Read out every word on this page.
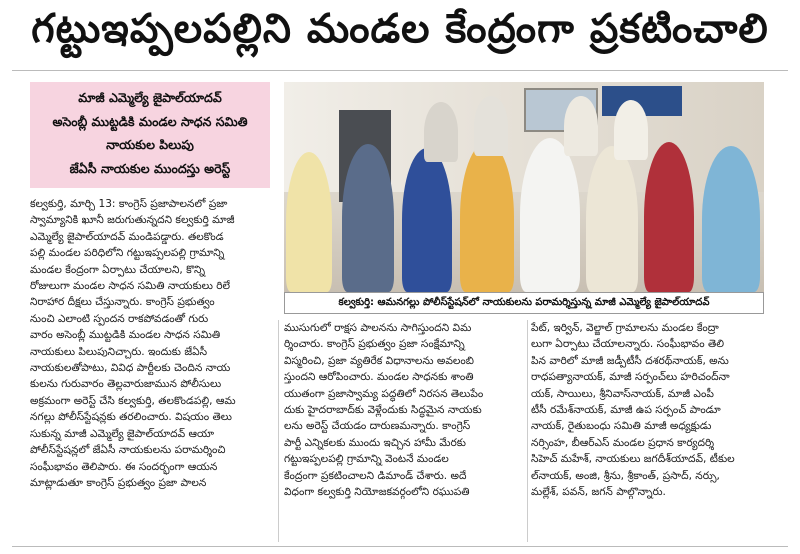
గట్టుఇప్పలపల్లిని మండల కేంద్రంగా ప్రకటించాలి
మాజీ ఎమ్మెల్యే జైపాల్‌యాదవ్
అసెంబ్లీ ముట్టడికి మండల సాధన సమితి
నాయకుల పిలుపు
జేఏసీ నాయకుల ముందస్తు అరెస్ట్
కల్వకుర్తి: ఆమనగల్లు పోలీస్‌స్టేషన్‌లో నాయకులను పరామర్శిస్తున్న మాజీ ఎమ్మెల్యే జైపాల్‌యాదవ్
కల్వకుర్తి, మార్చి 13: కాంగ్రెస్ ప్రజాపాలనలో ప్రజా
స్వామ్యానికి ఖూనీ జరుగుతున్నదని కల్వకుర్తి మాజీ
ఎమ్మెల్యే జైపాల్‌యాదవ్ మండిపడ్డారు. తలకొండ
పల్లి మండల పరిధిలోని గట్టుఇప్పలపల్లి గ్రామాన్ని
మండల కేంద్రంగా ఏర్పాటు చేయాలని, కొన్ని
రోజులుగా మండల సాధన సమితి నాయకులు రిలే
నిరాహార దీక్షలు చేస్తున్నారు. కాంగ్రెస్ ప్రభుత్వం
నుంచి ఎలాంటి స్పందన రాకపోవడంతో గురు
వారం అసెంబ్లీ ముట్టడికి మండల సాధన సమితి
నాయకులు పిలుపునిచ్చారు. ఇందుకు జేఏసీ
నాయకులతోపాటు, వివిధ పార్టీలకు చెందిన నాయ
కులను గురువారం తెల్లవారుజామున పోలీసులు
అక్రమంగా అరెస్ట్ చేసి కల్వకుర్తి, తలకొండపల్లి, ఆమ
నగల్లు పోలీస్‌స్టేషన్లకు తరలించారు. విషయం తెలు
సుకున్న మాజీ ఎమ్మెల్యే జైపాల్‌యాదవ్ ఆయా
పోలీస్‌స్టేషన్లలో జేఏసీ నాయకులను పరామర్శించి
సంఘీభావం తెలిపారు. ఈ సందర్భంగా ఆయన
మాట్లాడుతూ కాంగ్రెస్ ప్రభుత్వం ప్రజా పాలన
ముసుగులో రాక్షస పాలనను సాగిస్తుందని విమ
ర్శించారు. కాంగ్రెస్ ప్రభుత్వం ప్రజా సంక్షేమాన్ని
విస్మరించి, ప్రజా వ్యతిరేక విధానాలను అవలంబి
స్తుందని ఆరోపించారు. మండల సాధనకు శాంతి
యుతంగా ప్రజాస్వామ్య పద్ధతిలో నిరసన తెలుపేం
దుకు హైదరాబాద్‌కు వెళ్లేందుకు సిద్ధమైన నాయకు
లను అరెస్ట్ చేయడం దారుణమన్నారు. కాంగ్రెస్
పార్టీ ఎన్నికలకు ముందు ఇచ్చిన హామీ మేరకు
గట్టుఇప్పలపల్లి గ్రామాన్ని వెంటనే మండల
కేంద్రంగా ప్రకటించాలని డిమాండ్ చేశారు. అదే
విధంగా కల్వకుర్తి నియోజకవర్గంలోని రఘుపతి
పేట్, ఇర్విన్, వెల్జాల్ గ్రామాలను మండల కేంద్రా
లుగా ఏర్పాటు చేయాలన్నారు. సంఘీభావం తెలి
పిన వారిలో మాజీ జడ్పీటీసీ దశరథ్‌నాయక్, అను
రాధపత్యానాయక్, మాజీ సర్పంచ్‌లు హరిచంద్‌నా
యక్, సాయిలు, శ్రీనివాస్‌నాయక్, మాజీ ఎంపీ
టీసీ రమేశ్‌నాయక్, మాజీ ఉప సర్పంచ్ పాండూ
నాయక్, రైతుబంధు సమితి మాజీ అధ్యక్షుడు
నర్సింహ, బీఆర్ఎస్ మండల ప్రధాన కార్యదర్శి
సిహెచ్ మహేశ్, నాయకులు జగదీశ్‌యాదవ్, టీకుల
ల్‌నాయక్, అంజి, శ్రీను, శ్రీకాంత్, ప్రసాద్, నర్సు,
మల్లేశ్, పవన్, జగన్ పాల్గొన్నారు.
